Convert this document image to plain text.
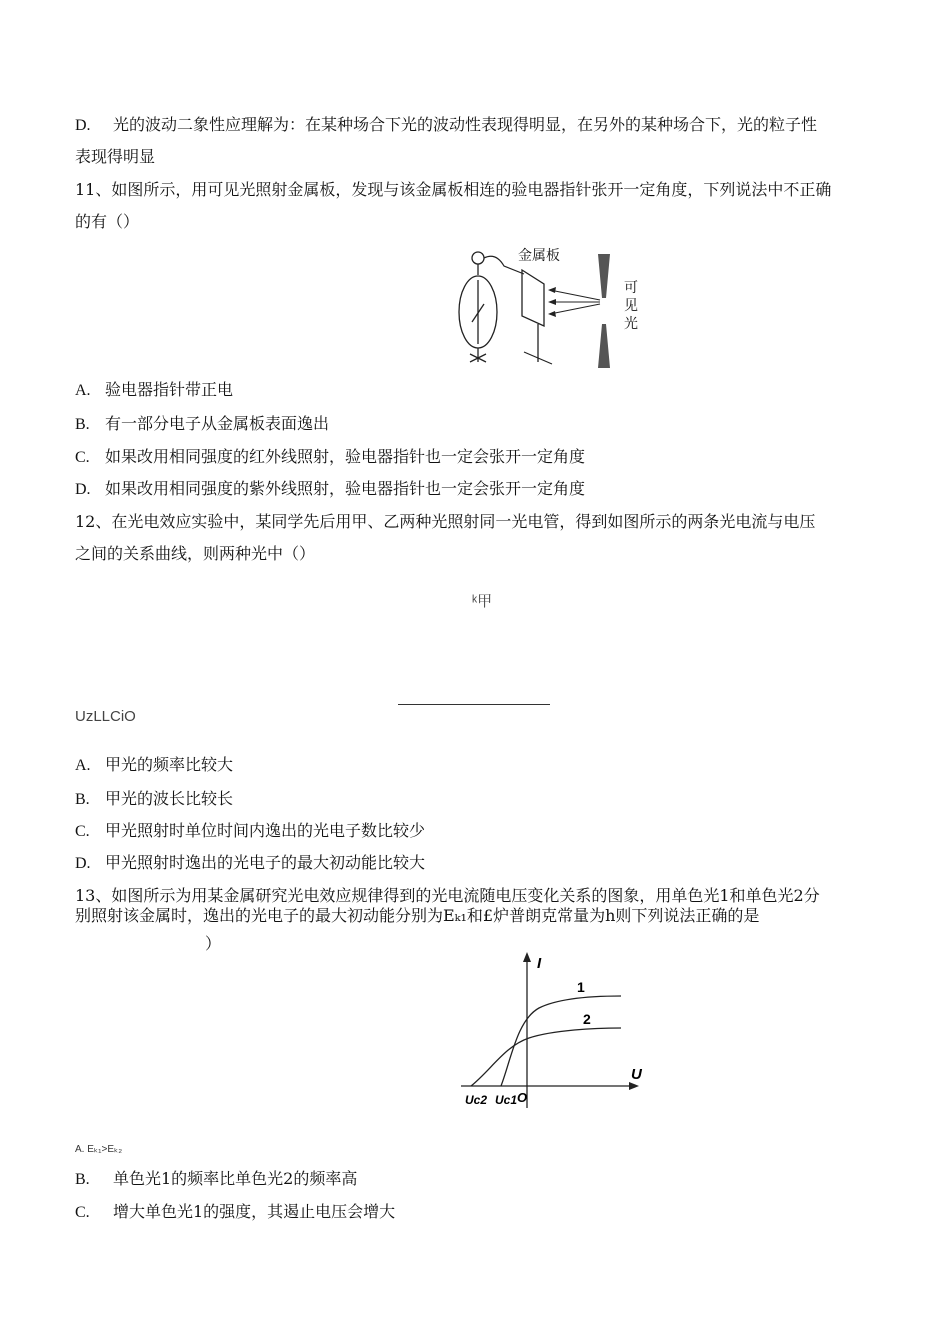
D. 光的波动二象性应理解为：在某种场合下光的波动性表现得明显，在另外的某种场合下，光的粒子性
表现得明显
11、如图所示，用可见光照射金属板，发现与该金属板相连的验电器指针张开一定角度，下列说法中不正确
的有（）
金属板
可
见
光
A. 验电器指针带正电
B. 有一部分电子从金属板表面逸出
C. 如果改用相同强度的红外线照射，验电器指针也一定会张开一定角度
D. 如果改用相同强度的紫外线照射，验电器指针也一定会张开一定角度
12、在光电效应实验中，某同学先后用甲、乙两种光照射同一光电管，得到如图所示的两条光电流与电压
之间的关系曲线，则两种光中（）
ᵏ甲
UzLLCiO
A. 甲光的频率比较大
B. 甲光的波长比较长
C. 甲光照射时单位时间内逸出的光电子数比较少
D. 甲光照射时逸出的光电子的最大初动能比较大
13、如图所示为用某金属研究光电效应规律得到的光电流随电压变化关系的图象，用单色光1和单色光2分
别照射该金属时，逸出的光电子的最大初动能分别为Eₖ₁和£炉普朗克常量为h则下列说法正确的是
）
I
U
O
1
2
Uc2 Uc1
A. Eₖ₁>Eₖ₂
B. 单色光1的频率比单色光2的频率高
C. 增大单色光1的强度，其遏止电压会增大
